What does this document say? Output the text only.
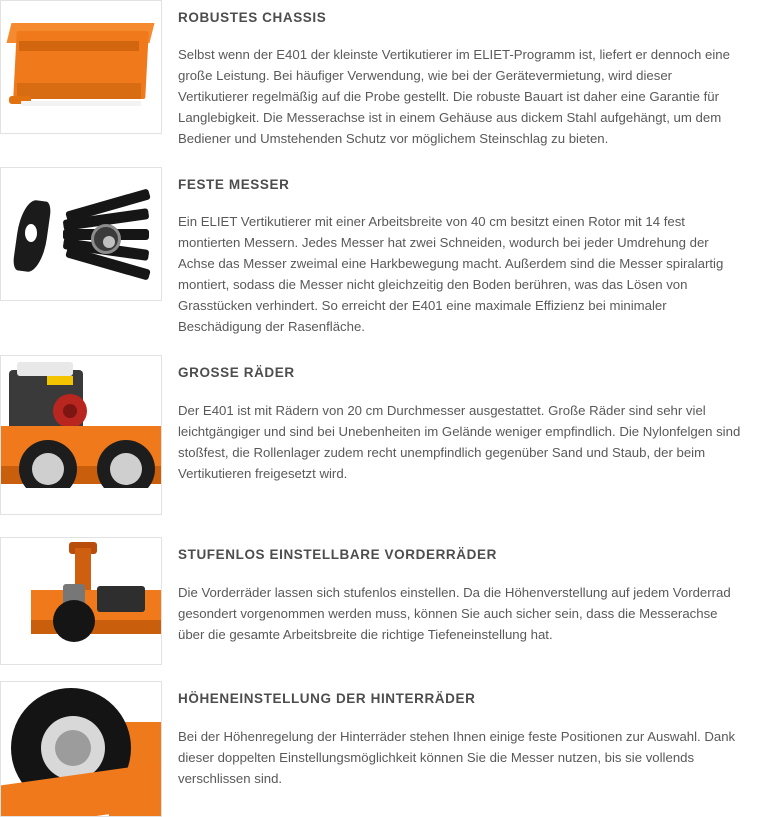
ROBUSTES CHASSIS

Selbst wenn der E401 der kleinste Vertikutierer im ELIET-Programm ist, liefert er dennoch eine große Leistung. Bei häufiger Verwendung, wie bei der Gerätevermietung, wird dieser Vertikutierer regelmäßig auf die Probe gestellt. Die robuste Bauart ist daher eine Garantie für Langlebigkeit. Die Messerachse ist in einem Gehäuse aus dickem Stahl aufgehängt, um dem Bediener und Umstehenden Schutz vor möglichem Steinschlag zu bieten.

FESTE MESSER

Ein ELIET Vertikutierer mit einer Arbeitsbreite von 40 cm besitzt einen Rotor mit 14 fest montierten Messern. Jedes Messer hat zwei Schneiden, wodurch bei jeder Umdrehung der Achse das Messer zweimal eine Harkbewegung macht. Außerdem sind die Messer spiralartig montiert, sodass die Messer nicht gleichzeitig den Boden berühren, was das Lösen von Grasstücken verhindert. So erreicht der E401 eine maximale Effizienz bei minimaler Beschädigung der Rasenfläche.

GROSSE RÄDER

Der E401 ist mit Rädern von 20 cm Durchmesser ausgestattet. Große Räder sind sehr viel leichtgängiger und sind bei Unebenheiten im Gelände weniger empfindlich. Die Nylonfelgen sind stoßfest, die Rollenlager zudem recht unempfindlich gegenüber Sand und Staub, der beim Vertikutieren freigesetzt wird.

STUFENLOS EINSTELLBARE VORDERRÄDER

Die Vorderräder lassen sich stufenlos einstellen. Da die Höhenverstellung auf jedem Vorderrad gesondert vorgenommen werden muss, können Sie auch sicher sein, dass die Messerachse über die gesamte Arbeitsbreite die richtige Tiefeneinstellung hat.

HÖHENEINSTELLUNG DER HINTERRÄDER

Bei der Höhenregelung der Hinterräder stehen Ihnen einige feste Positionen zur Auswahl. Dank dieser doppelten Einstellungsmöglichkeit können Sie die Messer nutzen, bis sie vollends verschlissen sind.
